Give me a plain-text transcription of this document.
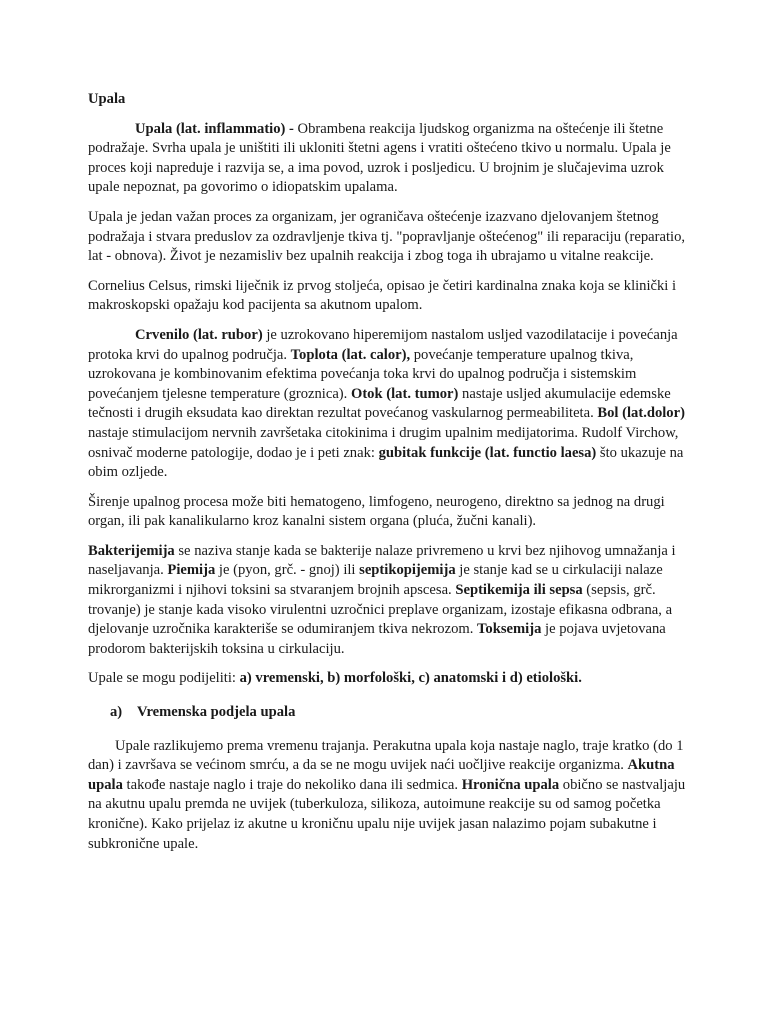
Upala

Upala (lat. inflammatio) - Obrambena reakcija ljudskog organizma na oštećenje ili štetne podražaje. Svrha upala je uništiti ili ukloniti štetni agens i vratiti oštećeno tkivo u normalu. Upala je proces koji napreduje i razvija se, a ima povod, uzrok i posljedicu. U brojnim je slučajevima uzrok upale nepoznat, pa govorimo o idiopatskim upalama.

Upala je jedan važan proces za organizam, jer ograničava oštećenje izazvano djelovanjem štetnog podražaja i stvara preduslov za ozdravljenje tkiva tj. "popravljanje oštećenog" ili reparaciju (reparatio, lat - obnova). Život je nezamisliv bez upalnih reakcija i zbog toga ih ubrajamo u vitalne reakcije.

Cornelius Celsus, rimski liječnik iz prvog stoljeća, opisao je četiri kardinalna znaka koja se klinički i makroskopski opažaju kod pacijenta sa akutnom upalom.

Crvenilo (lat. rubor) je uzrokovano hiperemijom nastalom usljed vazodilatacije i povećanja protoka krvi do upalnog područja. Toplota (lat. calor), povećanje temperature upalnog tkiva, uzrokovana je kombinovanim efektima povećanja toka krvi do upalnog područja i sistemskim povećanjem tjelesne temperature (groznica). Otok (lat. tumor) nastaje usljed akumulacije edemske tečnosti i drugih eksudata kao direktan rezultat povećanog vaskularnog permeabiliteta. Bol (lat.dolor) nastaje stimulacijom nervnih završetaka citokinima i drugim upalnim medijatorima. Rudolf Virchow, osnivač moderne patologije, dodao je i peti znak: gubitak funkcije (lat. functio laesa) što ukazuje na obim ozljede.

Širenje upalnog procesa može biti hematogeno, limfogeno, neurogeno, direktno sa jednog na drugi organ, ili pak kanalikularno kroz kanalni sistem organa (pluća, žučni kanali).

Bakterijemija se naziva stanje kada se bakterije nalaze privremeno u krvi bez njihovog umnažanja i naseljavanja. Piemija je (pyon, grč. - gnoj) ili septikopijemija je stanje kad se u cirkulaciji nalaze mikrorganizmi i njihovi toksini sa stvaranjem brojnih apscesa. Septikemija ili sepsa (sepsis, grč. trovanje) je stanje kada visoko virulentni uzročnici preplave organizam, izostaje efikasna odbrana, a djelovanje uzročnika karakteriše se odumiranjem tkiva nekrozom. Toksemija je pojava uvjetovana prodorom bakterijskih toksina u cirkulaciju.

Upale se mogu podijeliti: a) vremenski, b) morfološki, c) anatomski i d) etiološki.

a) Vremenska podjela upala

Upale razlikujemo prema vremenu trajanja. Perakutna upala koja nastaje naglo, traje kratko (do 1 dan) i završava se većinom smrću, a da se ne mogu uvijek naći uočljive reakcije organizma. Akutna upala takođe nastaje naglo i traje do nekoliko dana ili sedmica. Hronična upala obično se nastvaljaju na akutnu upalu premda ne uvijek (tuberkuloza, silikoza, autoimune reakcije su od samog početka kronične). Kako prijelaz iz akutne u kroničnu upalu nije uvijek jasan nalazimo pojam subakutne i subkronične upale.
